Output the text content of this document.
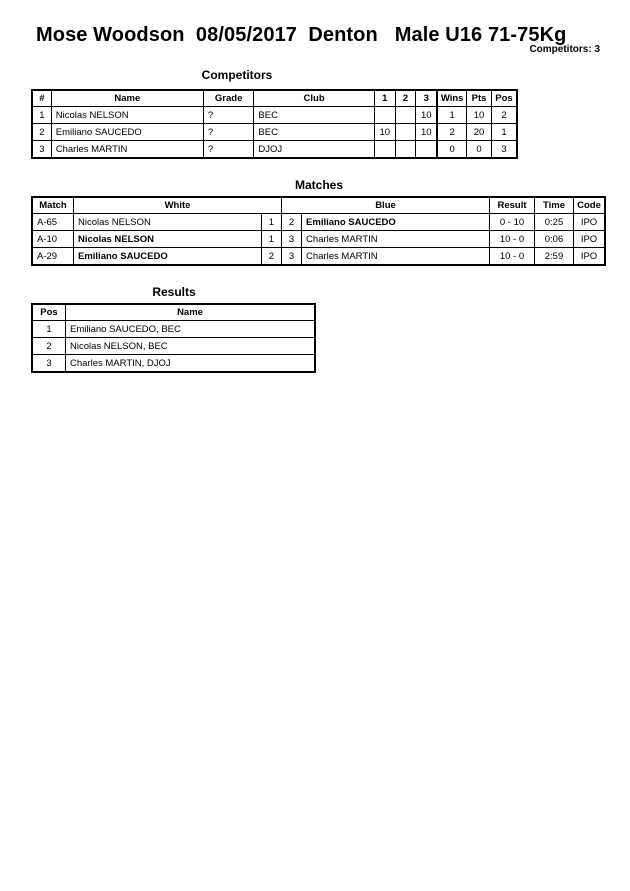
Mose Woodson  08/05/2017  Denton   Male U16 71-75Kg
Competitors: 3
Competitors
#	Name	Grade	Club	1	2	3	Wins	Pts	Pos
1	Nicolas NELSON	?	BEC			10	1	10	2
2	Emiliano SAUCEDO	?	BEC	10		10	2	20	1
3	Charles MARTIN	?	DJOJ				0	0	3
Matches
Match	White		Blue		Result	Time	Code
A-65	Nicolas NELSON	1	2	Emiliano SAUCEDO	0 - 10	0:25	IPO
A-10	Nicolas NELSON	1	3	Charles MARTIN	10 - 0	0:06	IPO
A-29	Emiliano SAUCEDO	2	3	Charles MARTIN	10 - 0	2:59	IPO
Results
Pos	Name
1	Emiliano SAUCEDO, BEC
2	Nicolas NELSON, BEC
3	Charles MARTIN, DJOJ
